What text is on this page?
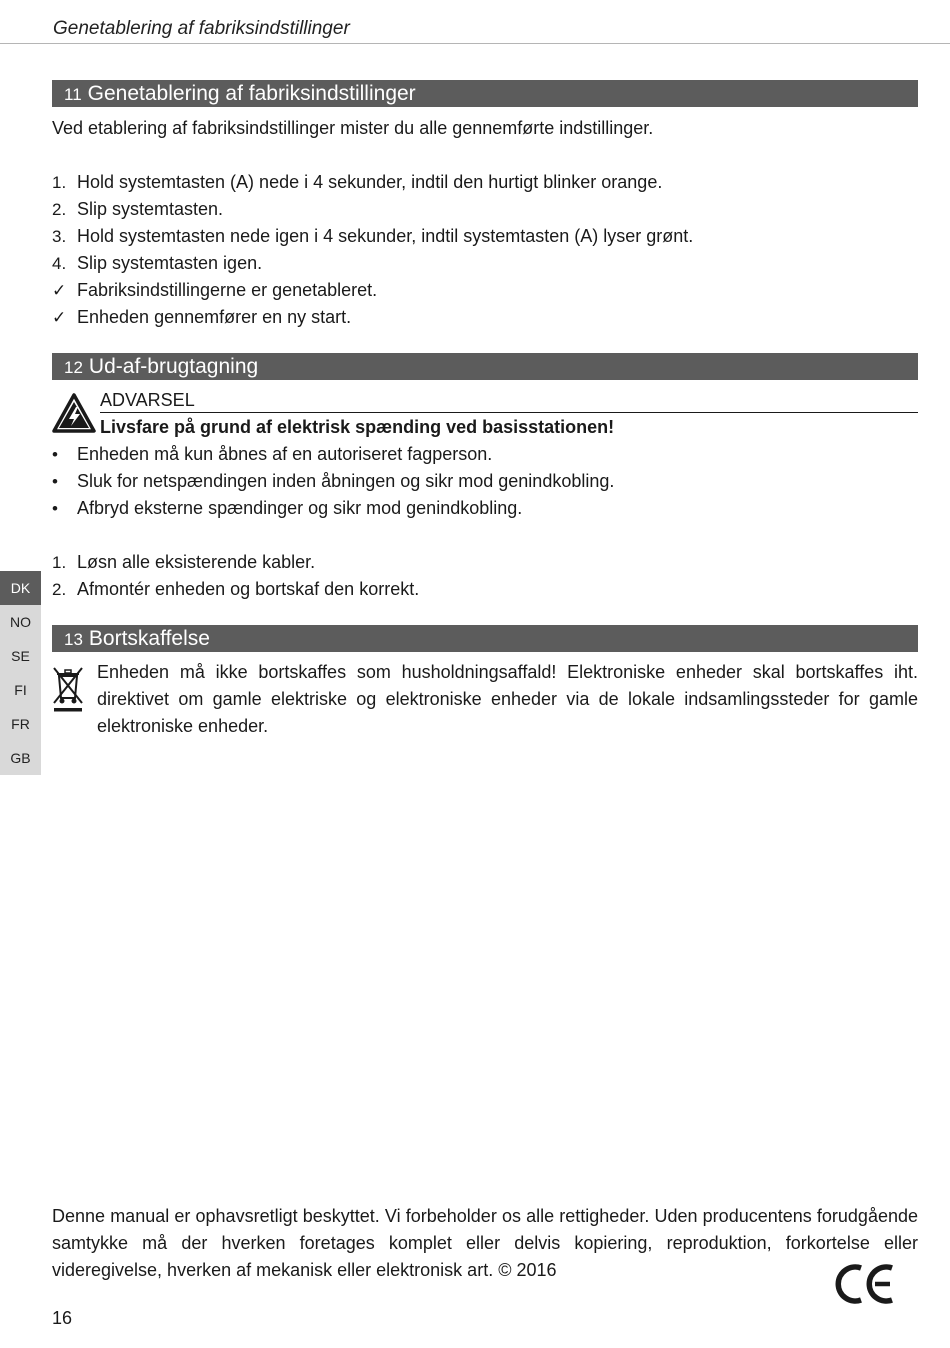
Genetablering af fabriksindstillinger
11 Genetablering af fabriksindstillinger
Ved etablering af fabriksindstillinger mister du alle gennemførte indstillinger.
1. Hold systemtasten (A) nede i 4 sekunder, indtil den hurtigt blinker orange.
2. Slip systemtasten.
3. Hold systemtasten nede igen i 4 sekunder, indtil systemtasten (A) lyser grønt.
4. Slip systemtasten igen.
✓ Fabriksindstillingerne er genetableret.
✓ Enheden gennemfører en ny start.
12 Ud-af-brugtagning
ADVARSEL
Livsfare på grund af elektrisk spænding ved basisstationen!
• Enheden må kun åbnes af en autoriseret fagperson.
• Sluk for netspændingen inden åbningen og sikr mod genindkobling.
• Afbryd eksterne spændinger og sikr mod genindkobling.
1. Løsn alle eksisterende kabler.
2. Afmontér enheden og bortskaf den korrekt.
13 Bortskaffelse
Enheden må ikke bortskaffes som husholdningsaffald! Elektroniske enheder skal bortskaffes iht. direktivet om gamle elektriske og elektroniske enheder via de lokale indsamlingssteder for gamle elektroniske enheder.
DK
NO
SE
FI
FR
GB
Denne manual er ophavsretligt beskyttet. Vi forbeholder os alle rettigheder. Uden producentens forudgående samtykke må der hverken foretages komplet eller delvis kopiering, reproduktion, forkortelse eller videregivelse, hverken af mekanisk eller elektronisk art. © 2016
16
